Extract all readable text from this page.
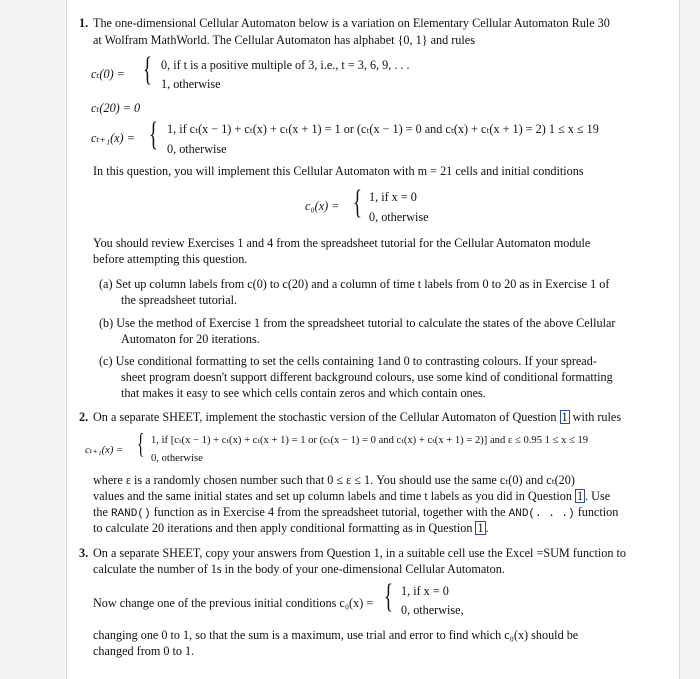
1. The one-dimensional Cellular Automaton below is a variation on Elementary Cellular Automaton Rule 30
at Wolfram MathWorld. The Cellular Automaton has alphabet {0, 1} and rules
cₜ(0) = { 0, if t is a positive multiple of 3, i.e., t = 3, 6, 9, . . .
1, otherwise
cₜ(20) = 0
cₜ₊₁(x) = { 1, if cₜ(x − 1) + cₜ(x) + cₜ(x + 1) = 1 or (cₜ(x − 1) = 0 and cₜ(x) + cₜ(x + 1) = 2) 1 ≤ x ≤ 19
0, otherwise
In this question, you will implement this Cellular Automaton with m = 21 cells and initial conditions
c₀(x) = { 1, if x = 0
0, otherwise
You should review Exercises 1 and 4 from the spreadsheet tutorial for the Cellular Automaton module
before attempting this question.
(a) Set up column labels from c(0) to c(20) and a column of time t labels from 0 to 20 as in Exercise 1 of
the spreadsheet tutorial.
(b) Use the method of Exercise 1 from the spreadsheet tutorial to calculate the states of the above Cellular
Automaton for 20 iterations.
(c) Use conditional formatting to set the cells containing 1and 0 to contrasting colours. If your spread-
sheet program doesn't support different background colours, use some kind of conditional formatting
that makes it easy to see which cells contain zeros and which contain ones.
2. On a separate SHEET, implement the stochastic version of the Cellular Automaton of Question 1 with rules
cₜ₊₁(x) = { 1, if [cₜ(x − 1) + cₜ(x) + cₜ(x + 1) = 1 or (cₜ(x − 1) = 0 and cₜ(x) + cₜ(x + 1) = 2)] and ε ≤ 0.95 1 ≤ x ≤ 19
0, otherwise
where ε is a randomly chosen number such that 0 ≤ ε ≤ 1. You should use the same cₜ(0) and cₜ(20)
values and the same initial states and set up column labels and time t labels as you did in Question 1 . Use
the RAND() function as in Exercise 4 from the spreadsheet tutorial, together with the AND(. . .) function
to calculate 20 iterations and then apply conditional formatting as in Question 1 .
3. On a separate SHEET, copy your answers from Question 1, in a suitable cell use the Excel =SUM function to
calculate the number of 1s in the body of your one-dimensional Cellular Automaton.
Now change one of the previous initial conditions c₀(x) = { 1, if x = 0
0, otherwise,
changing one 0 to 1, so that the sum is a maximum, use trial and error to find which c₀(x) should be
changed from 0 to 1.
